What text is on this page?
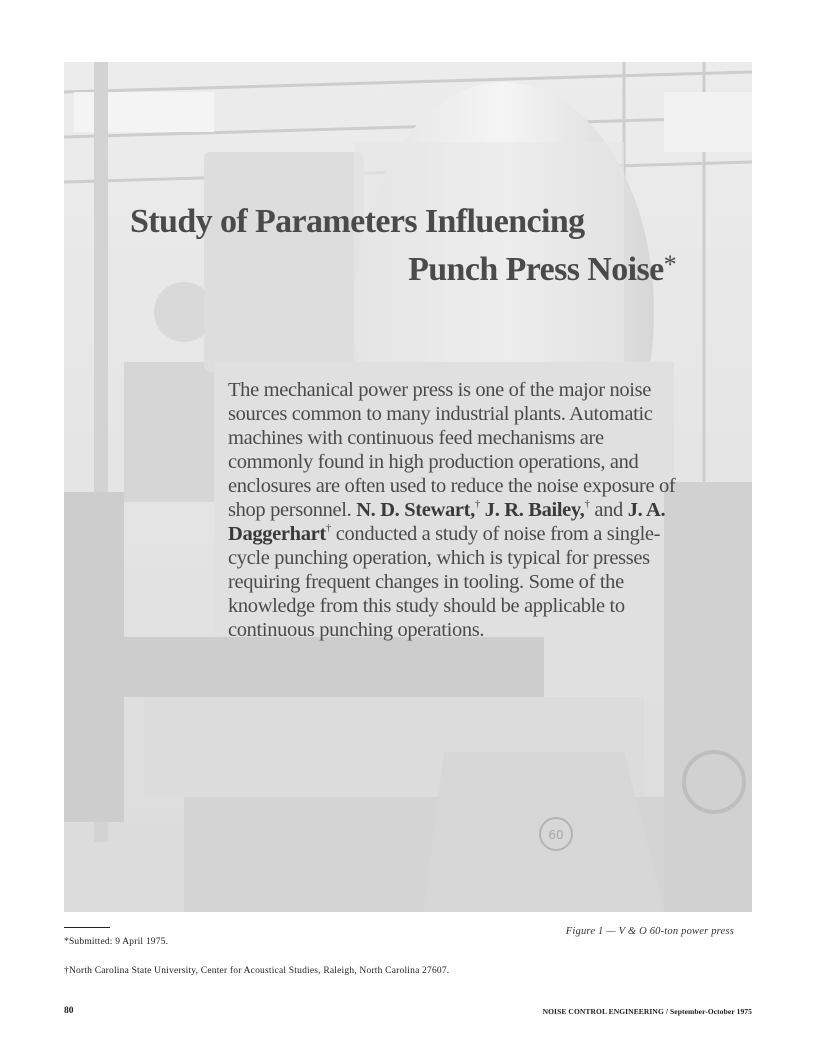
60
Study of Parameters Influencing
Punch Press Noise*
The mechanical power press is one of the major noise sources common to many industrial plants. Automatic machines with continuous feed mechanisms are commonly found in high production operations, and enclosures are often used to reduce the noise exposure of shop personnel. N. D. Stewart,† J. R. Bailey,† and J. A. Daggerhart† conducted a study of noise from a single-cycle punching operation, which is typical for presses requiring frequent changes in tooling. Some of the knowledge from this study should be applicable to continuous punching operations.
Figure 1 — V & O 60-ton power press
*Submitted: 9 April 1975.
†North Carolina State University, Center for Acoustical Studies, Raleigh, North Carolina 27607.
80	NOISE CONTROL ENGINEERING / September-October 1975
